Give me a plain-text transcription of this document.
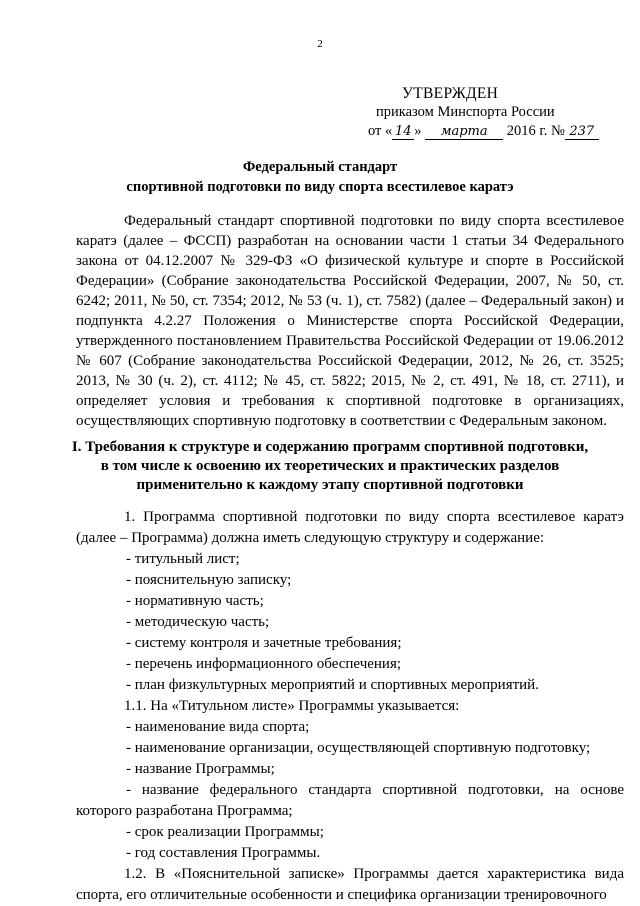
2
УТВЕРЖДЕН
приказом Минспорта России
от « 14 » марта 2016 г. № 237
Федеральный стандарт
спортивной подготовки по виду спорта всестилевое каратэ

Федеральный стандарт спортивной подготовки по виду спорта всестилевое каратэ (далее – ФССП) разработан на основании части 1 статьи 34 Федерального закона от 04.12.2007 № 329-ФЗ «О физической культуре и спорте в Российской Федерации» (Собрание законодательства Российской Федерации, 2007, № 50, ст. 6242; 2011, № 50, ст. 7354; 2012, № 53 (ч. 1), ст. 7582) (далее – Федеральный закон) и подпункта 4.2.27 Положения о Министерстве спорта Российской Федерации, утвержденного постановлением Правительства Российской Федерации от 19.06.2012 № 607 (Собрание законодательства Российской Федерации, 2012, № 26, ст. 3525; 2013, № 30 (ч. 2), ст. 4112; № 45, ст. 5822; 2015, № 2, ст. 491, № 18, ст. 2711), и определяет условия и требования к спортивной подготовке в организациях, осуществляющих спортивную подготовку в соответствии с Федеральным законом.

I. Требования к структуре и содержанию программ спортивной подготовки,
в том числе к освоению их теоретических и практических разделов
применительно к каждому этапу спортивной подготовки

1. Программа спортивной подготовки по виду спорта всестилевое каратэ (далее – Программа) должна иметь следующую структуру и содержание:

- титульный лист;

- пояснительную записку;

- нормативную часть;

- методическую часть;

- систему контроля и зачетные требования;

- перечень информационного обеспечения;

- план физкультурных мероприятий и спортивных мероприятий.

1.1. На «Титульном листе» Программы указывается:

- наименование вида спорта;

- наименование организации, осуществляющей спортивную подготовку;

- название Программы;

- название федерального стандарта спортивной подготовки, на основе которого разработана Программа;

- срок реализации Программы;

- год составления Программы.

1.2. В «Пояснительной записке» Программы дается характеристика вида спорта, его отличительные особенности и специфика организации тренировочного
